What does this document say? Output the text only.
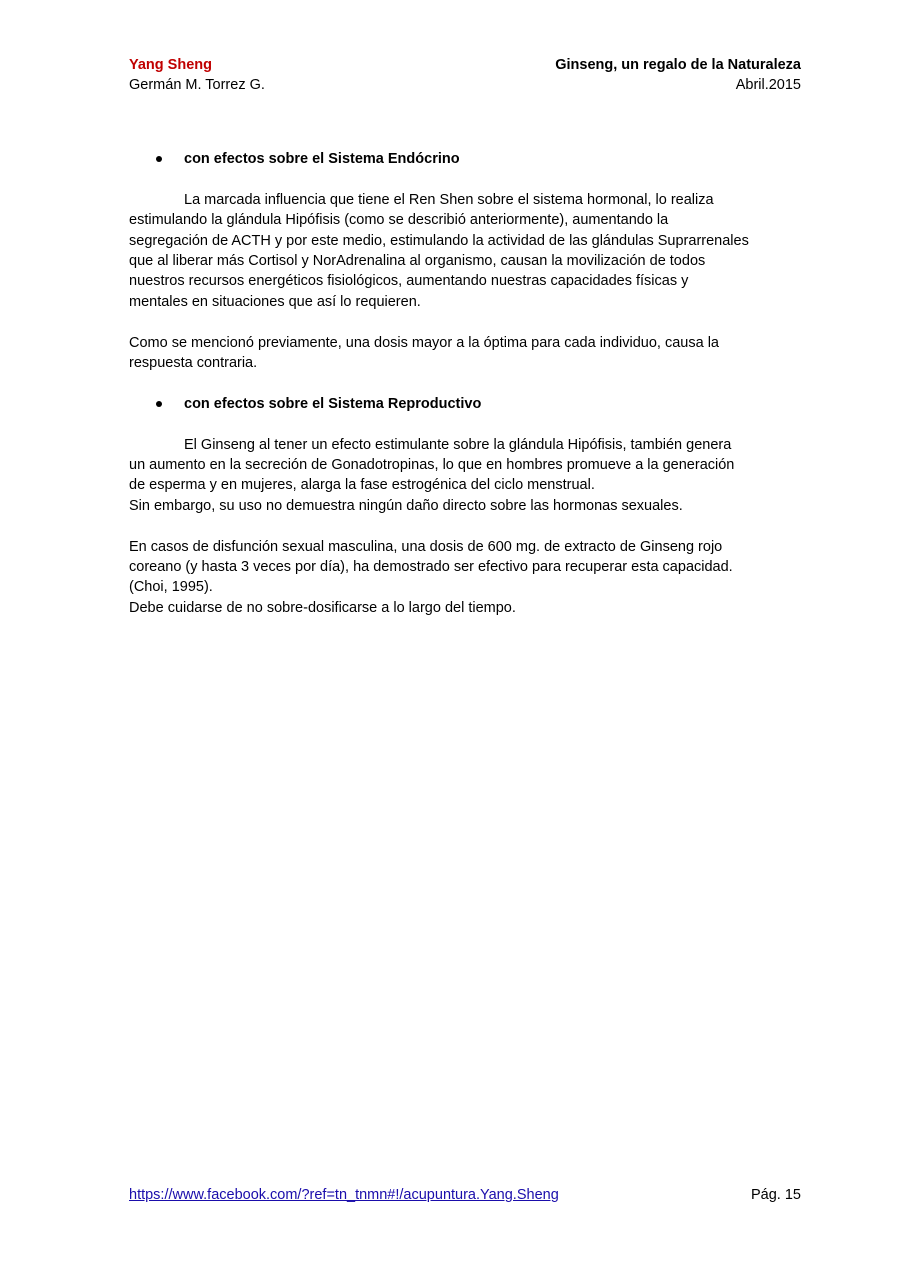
Yang Sheng	Ginseng, un regalo de la Naturaleza
Germán M. Torrez G.	Abril.2015
con efectos sobre el Sistema Endócrino

La marcada influencia que tiene el Ren Shen sobre el sistema hormonal, lo realiza

estimulando la glándula Hipófisis (como se describió anteriormente), aumentando la

segregación de ACTH y por este medio, estimulando la actividad de las glándulas Suprarrenales

que al liberar más Cortisol y NorAdrenalina al organismo, causan la movilización de todos

nuestros recursos energéticos fisiológicos, aumentando nuestras capacidades físicas y

mentales en situaciones que así lo requieren.

Como se mencionó previamente, una dosis mayor a la óptima para cada individuo, causa la

respuesta contraria.

con efectos sobre el Sistema Reproductivo

El Ginseng al tener un efecto estimulante sobre la glándula Hipófisis, también genera

un aumento en la secreción de Gonadotropinas, lo que en hombres promueve a la generación

de esperma y en mujeres, alarga la fase estrogénica del ciclo menstrual.

Sin embargo, su uso no demuestra ningún daño directo sobre las hormonas sexuales.

En casos de disfunción sexual masculina, una dosis de 600 mg. de extracto de Ginseng rojo

coreano (y hasta 3 veces por día), ha demostrado ser efectivo para recuperar esta capacidad.

(Choi, 1995).

Debe cuidarse de no sobre-dosificarse a lo largo del tiempo.

https://www.facebook.com/?ref=tn_tnmn#!/acupuntura.Yang.Sheng	Pág. 15
